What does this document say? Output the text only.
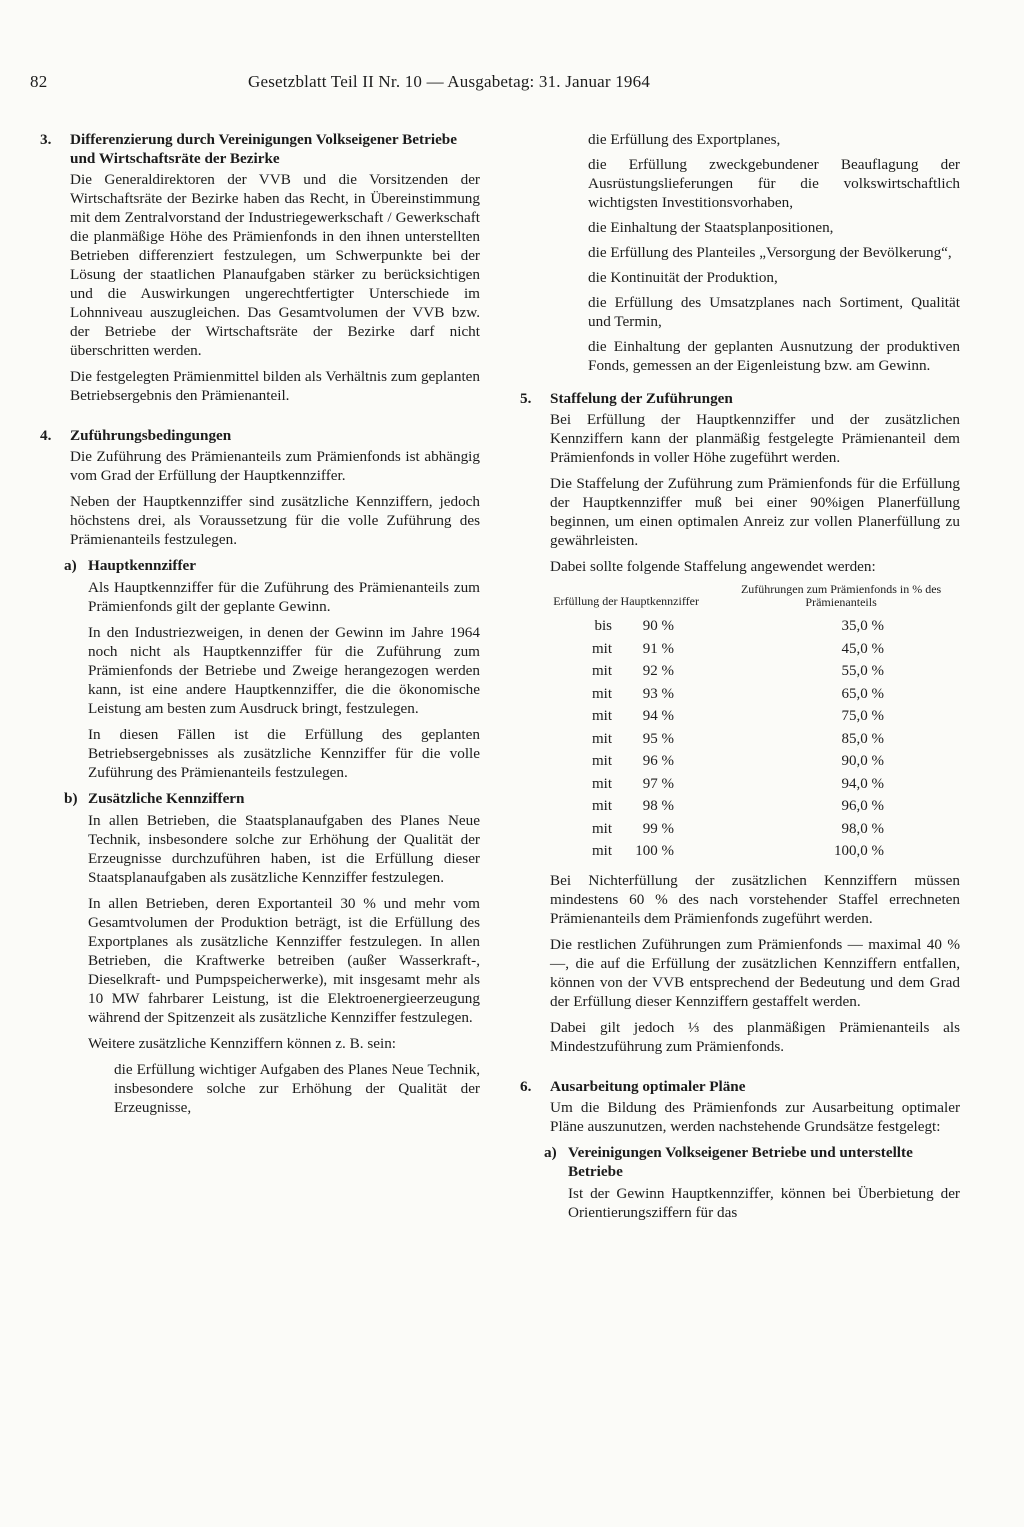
82	Gesetzblatt Teil II Nr. 10 — Ausgabetag: 31. Januar 1964
3. Differenzierung durch Vereinigungen Volkseigener Betriebe und Wirtschaftsräte der Bezirke

Die Generaldirektoren der VVB und die Vorsitzenden der Wirtschaftsräte der Bezirke haben das Recht, in Übereinstimmung mit dem Zentralvorstand der Industriegewerkschaft / Gewerkschaft die planmäßige Höhe des Prämienfonds in den ihnen unterstellten Betrieben differenziert festzulegen, um Schwerpunkte bei der Lösung der staatlichen Planaufgaben stärker zu berücksichtigen und die Auswirkungen ungerechtfertigter Unterschiede im Lohnniveau auszugleichen. Das Gesamtvolumen der VVB bzw. der Betriebe der Wirtschaftsräte der Bezirke darf nicht überschritten werden.

Die festgelegten Prämienmittel bilden als Verhältnis zum geplanten Betriebsergebnis den Prämienanteil.

4. Zuführungsbedingungen

Die Zuführung des Prämienanteils zum Prämienfonds ist abhängig vom Grad der Erfüllung der Hauptkennziffer.

Neben der Hauptkennziffer sind zusätzliche Kennziffern, jedoch höchstens drei, als Voraussetzung für die volle Zuführung des Prämienanteils festzulegen.

a) Hauptkennziffer

Als Hauptkennziffer für die Zuführung des Prämienanteils zum Prämienfonds gilt der geplante Gewinn.

In den Industriezweigen, in denen der Gewinn im Jahre 1964 noch nicht als Hauptkennziffer für die Zuführung zum Prämienfonds der Betriebe und Zweige herangezogen werden kann, ist eine andere Hauptkennziffer, die die ökonomische Leistung am besten zum Ausdruck bringt, festzulegen.

In diesen Fällen ist die Erfüllung des geplanten Betriebsergebnisses als zusätzliche Kennziffer für die volle Zuführung des Prämienanteils festzulegen.

b) Zusätzliche Kennziffern

In allen Betrieben, die Staatsplanaufgaben des Planes Neue Technik, insbesondere solche zur Erhöhung der Qualität der Erzeugnisse durchzuführen haben, ist die Erfüllung dieser Staatsplanaufgaben als zusätzliche Kennziffer festzulegen.

In allen Betrieben, deren Exportanteil 30 % und mehr vom Gesamtvolumen der Produktion beträgt, ist die Erfüllung des Exportplanes als zusätzliche Kennziffer festzulegen. In allen Betrieben, die Kraftwerke betreiben (außer Wasserkraft-, Dieselkraft- und Pumpspeicherwerke), mit insgesamt mehr als 10 MW fahrbarer Leistung, ist die Elektroenergieerzeugung während der Spitzenzeit als zusätzliche Kennziffer festzulegen.

Weitere zusätzliche Kennziffern können z. B. sein:

die Erfüllung wichtiger Aufgaben des Planes Neue Technik, insbesondere solche zur Erhöhung der Qualität der Erzeugnisse,

die Erfüllung des Exportplanes,

die Erfüllung zweckgebundener Beauflagung der Ausrüstungslieferungen für die volkswirtschaftlich wichtigsten Investitionsvorhaben,

die Einhaltung der Staatsplanpositionen,

die Erfüllung des Planteiles „Versorgung der Bevölkerung“,

die Kontinuität der Produktion,

die Erfüllung des Umsatzplanes nach Sortiment, Qualität und Termin,

die Einhaltung der geplanten Ausnutzung der produktiven Fonds, gemessen an der Eigenleistung bzw. am Gewinn.

5. Staffelung der Zuführungen

Bei Erfüllung der Hauptkennziffer und der zusätzlichen Kennziffern kann der planmäßig festgelegte Prämienanteil dem Prämienfonds in voller Höhe zugeführt werden.

Die Staffelung der Zuführung zum Prämienfonds für die Erfüllung der Hauptkennziffer muß bei einer 90%igen Planerfüllung beginnen, um einen optimalen Anreiz zur vollen Planerfüllung zu gewährleisten.

Dabei sollte folgende Staffelung angewendet werden:

Erfüllung der Hauptkennziffer
Zuführungen zum Prämienfonds in % des Prämienanteils
bis	90 %	35,0 %
mit	91 %	45,0 %
mit	92 %	55,0 %
mit	93 %	65,0 %
mit	94 %	75,0 %
mit	95 %	85,0 %
mit	96 %	90,0 %
mit	97 %	94,0 %
mit	98 %	96,0 %
mit	99 %	98,0 %
mit	100 %	100,0 %

Bei Nichterfüllung der zusätzlichen Kennziffern müssen mindestens 60 % des nach vorstehender Staffel errechneten Prämienanteils dem Prämienfonds zugeführt werden.

Die restlichen Zuführungen zum Prämienfonds — maximal 40 % —, die auf die Erfüllung der zusätzlichen Kennziffern entfallen, können von der VVB entsprechend der Bedeutung und dem Grad der Erfüllung dieser Kennziffern gestaffelt werden.

Dabei gilt jedoch ⅓ des planmäßigen Prämienanteils als Mindestzuführung zum Prämienfonds.

6. Ausarbeitung optimaler Pläne

Um die Bildung des Prämienfonds zur Ausarbeitung optimaler Pläne auszunutzen, werden nachstehende Grundsätze festgelegt:

a) Vereinigungen Volkseigener Betriebe und unterstellte Betriebe

Ist der Gewinn Hauptkennziffer, können bei Überbietung der Orientierungsziffern für das
